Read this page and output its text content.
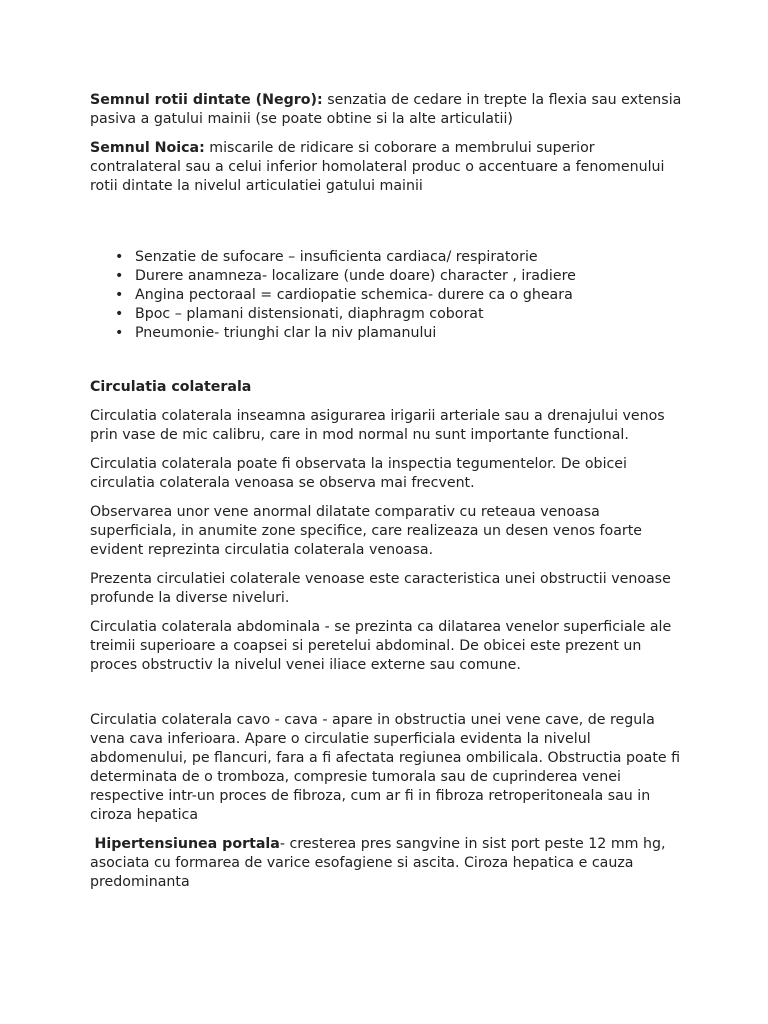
Semnul rotii dintate (Negro): senzatia de cedare in trepte la flexia sau extensia pasiva a gatului mainii (se poate obtine si la alte articulatii)

Semnul Noica: miscarile de ridicare si coborare a membrului superior contralateral sau a celui inferior homolateral produc o accentuare a fenomenului rotii dintate la nivelul articulatiei gatului mainii

• Senzatie de sufocare – insuficienta cardiaca/ respiratorie
• Durere anamneza- localizare (unde doare) character , iradiere
• Angina pectoraal = cardiopatie schemica- durere ca o gheara
• Bpoc – plamani distensionati, diaphragm coborat
• Pneumonie- triunghi clar la niv plamanului

Circulatia colaterala

Circulatia colaterala inseamna asigurarea irigarii arteriale sau a drenajului venos prin vase de mic calibru, care in mod normal nu sunt importante functional.

Circulatia colaterala poate fi observata la inspectia tegumentelor. De obicei circulatia colaterala venoasa se observa mai frecvent.

Observarea unor vene anormal dilatate comparativ cu reteaua venoasa superficiala, in anumite zone specifice, care realizeaza un desen venos foarte evident reprezinta circulatia colaterala venoasa.

Prezenta circulatiei colaterale venoase este caracteristica unei obstructii venoase profunde la diverse niveluri.

Circulatia colaterala abdominala - se prezinta ca dilatarea venelor superficiale ale treimii superioare a coapsei si peretelui abdominal. De obicei este prezent un proces obstructiv la nivelul venei iliace externe sau comune.

Circulatia colaterala cavo - cava - apare in obstructia unei vene cave, de regula vena cava inferioara. Apare o circulatie superficiala evidenta la nivelul abdomenului, pe flancuri, fara a fi afectata regiunea ombilicala. Obstructia poate fi determinata de o tromboza, compresie tumorala sau de cuprinderea venei respective intr-un proces de fibroza, cum ar fi in fibroza retroperitoneala sau in ciroza hepatica

Hipertensiunea portala- cresterea pres sangvine in sist port peste 12 mm hg, asociata cu formarea de varice esofagiene si ascita. Ciroza hepatica e cauza predominanta
